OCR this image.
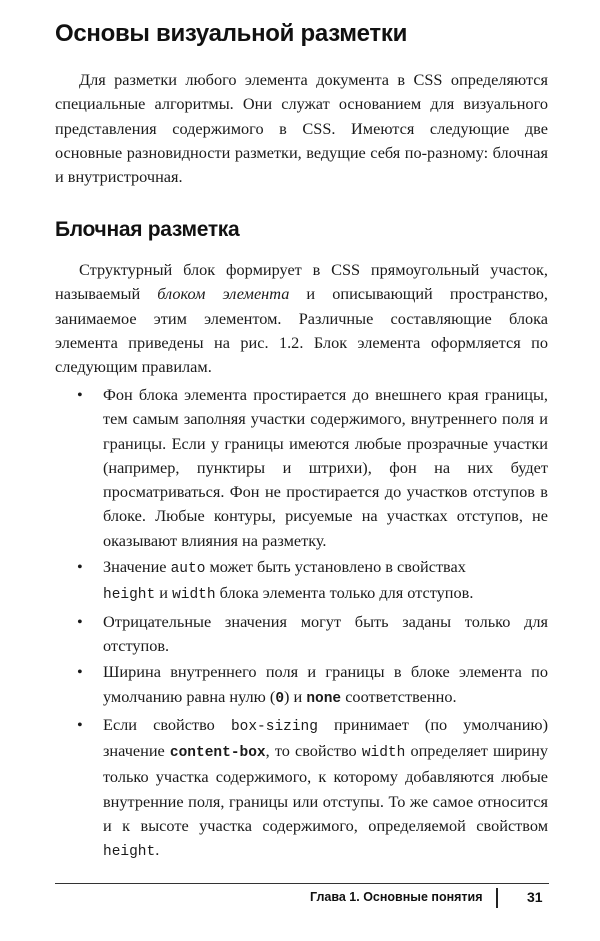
Основы визуальной разметки

Для разметки любого элемента документа в CSS определяются специальные алгоритмы. Они служат основанием для визуального представления содержимого в CSS. Имеются следующие две основные разновидности разметки, ведущие себя по-разному: блочная и внутристрочная.

Блочная разметка

Структурный блок формирует в CSS прямоугольный участок, называемый блоком элемента и описывающий пространство, занимаемое этим элементом. Различные составляющие блока элемента приведены на рис. 1.2. Блок элемента оформляется по следующим правилам.

• Фон блока элемента простирается до внешнего края границы, тем самым заполняя участки содержимого, внутреннего поля и границы. Если у границы имеются любые прозрачные участки (например, пунктиры и штрихи), фон на них будет просматриваться. Фон не простирается до участков отступов в блоке. Любые контуры, рисуемые на участках отступов, не оказывают влияния на разметку.
• Значение auto может быть установлено в свойствах
height и width блока элемента только для отступов.
• Отрицательные значения могут быть заданы только для отступов.
• Ширина внутреннего поля и границы в блоке элемента по умолчанию равна нулю (0) и none соответственно.
• Если свойство box-sizing принимает (по умолчанию) значение content-box, то свойство width определяет ширину только участка содержимого, к которому добавляются любые внутренние поля, границы или отступы. То же самое относится и к высоте участка содержимого, определяемой свойством height.
Глава 1. Основные понятия	31
